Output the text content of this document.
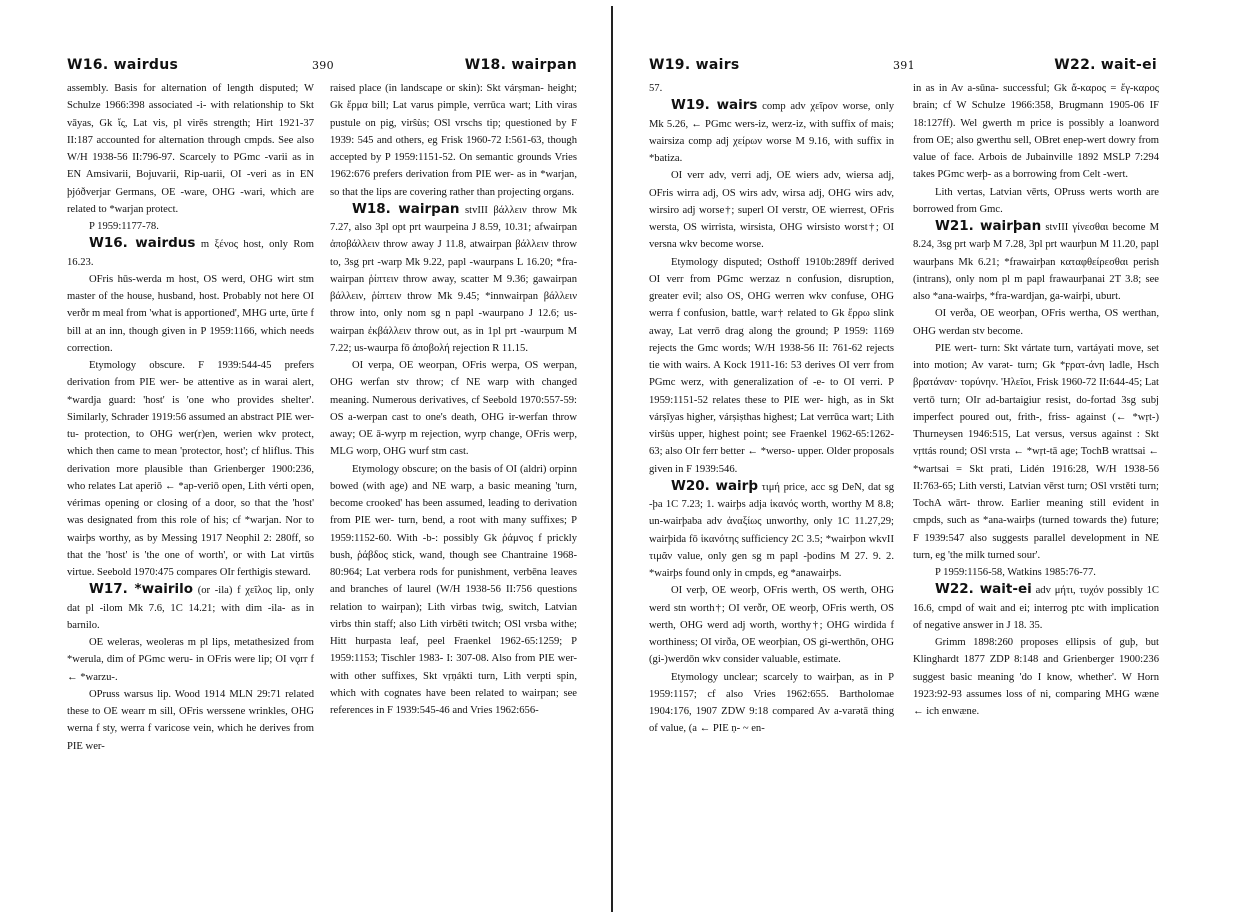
W16. wairdus	390	W18. wairpan

assembly. Basis for alternation of length disputed; W Schulze 1966:398 associated -i- with relationship to Skt vāyas, Gk ἴς, Lat vis, pl virēs strength; Hirt 1921-37 II:187 accounted for alternation through cmpds. See also W/H 1938-56 II:796-97. Scarcely to PGmc -varii as in EN Amsivarii, Bojuvarii, Rip-uarii, OI -veri as in EN þjóðverjar Germans, OE -ware, OHG -wari, which are related to *warjan protect.

P 1959:1177-78.

W16. wairdus m ξένος host, only Rom 16.23.

OFris hūs-werda m host, OS werd, OHG wirt stm master of the house, husband, host. Probably not here OI verðr m meal from 'what is apportioned', MHG urte, ürte f bill at an inn, though given in P 1959:1166, which needs correction.

Etymology obscure. F 1939:544-45 prefers derivation from PIE wer- be attentive as in warai alert, *wardja guard: 'host' is 'one who provides shelter'. Similarly, Schrader 1919:56 assumed an abstract PIE wer-tu- protection, to OHG wer(r)en, werien wkv protect, which then came to mean 'protector, host'; cf hliflus. This derivation more plausible than Grienberger 1900:236, who relates Lat aperiō ← *ap-veriō open, Lith vérti open, vérimas opening or closing of a door, so that the 'host' was designated from this role of his; cf *warjan. Nor to wairþs worthy, as by Messing 1917 Neophil 2: 280ff, so that the 'host' is 'the one of worth', or with Lat virtūs virtue. Seebold 1970:475 compares OIr ferthigis steward.

W17. *wairilo (or -ila) f χεῖλος lip, only dat pl -ilom Mk 7.6, 1C 14.21; with dim -ila- as in barnilo.

OE weleras, weoleras m pl lips, metathesized from *werula, dim of PGmc weru- in OFris were lip; OI vǫrr f ← *warzu-.

OPruss warsus lip. Wood 1914 MLN 29:71 related these to OE wearr m sill, OFris werssene wrinkles, OHG werna f sty, werra f varicose vein, which he derives from PIE wer-

raised place (in landscape or skin): Skt várṣman- height; Gk ἕρμα bill; Lat varus pimple, verrūca wart; Lith viras pustule on pig, virŝùs; OSl vrschs tip; questioned by F 1939: 545 and others, eg Frisk 1960-72 I:561-63, though accepted by P 1959:1151-52. On semantic grounds Vries 1962:676 prefers derivation from PIE wer- as in *warjan, so that the lips are covering rather than projecting organs.

W18. wairpan stvIII βάλλειν throw Mk 7.27, also 3pl opt prt waurpeina J 8.59, 10.31; afwairpan ἀποβάλλειν throw away J 11.8, atwairpan βάλλειν throw to, 3sg prt -warp Mk 9.22, papl -waurpans L 16.20; *fra-wairpan ῥίπτειν throw away, scatter M 9.36; gawairpan βάλλειν, ῥίπτειν throw Mk 9.45; *innwairpan βάλλειν throw into, only nom sg n papl -waurpano J 12.6; us-wairpan ἐκβάλλειν throw out, as in 1pl prt -waurpum M 7.22; us-waurpa fō ἀποβολή rejection R 11.15.

OI verpa, OE weorpan, OFris werpa, OS werpan, OHG werfan stv throw; cf NE warp with changed meaning. Numerous derivatives, cf Seebold 1970:557-59: OS a-werpan cast to one's death, OHG ir-werfan throw away; OE ā-wyrp m rejection, wyrp change, OFris werp, MLG worp, OHG wurf stm cast.

Etymology obscure; on the basis of OI (aldri) orpinn bowed (with age) and NE warp, a basic meaning 'turn, become crooked' has been assumed, leading to derivation from PIE wer- turn, bend, a root with many suffixes; P 1959:1152-60. With -b-: possibly Gk ῥάμνος f prickly bush, ῥάβδος stick, wand, though see Chantraine 1968-80:964; Lat verbera rods for punishment, verbēna leaves and branches of laurel (W/H 1938-56 II:756 questions relation to wairpan); Lith vìrbas twig, switch, Latvian vìrbs thin staff; also Lith virbēti twitch; OSl vrsba withe; Hitt hurpasta leaf, peel Fraenkel 1962-65:1259; P 1959:1153; Tischler 1983- I: 307-08. Also from PIE wer- with other suffixes, Skt vṛṇákti turn, Lith verpti spin, which with cognates have been related to wairpan; see references in F 1939:545-46 and Vries 1962:656-

W19. wairs	391	W22. wait-ei

57.

W19. wairs comp adv χεῖρον worse, only Mk 5.26, ← PGmc wers-iz, werz-iz, with suffix of mais; wairsiza comp adj χείρων worse M 9.16, with suffix in *batiza.

OI verr adv, verri adj, OE wiers adv, wiersa adj, OFris wirra adj, OS wirs adv, wirsa adj, OHG wirs adv, wirsiro adj worse†; superl OI verstr, OE wierrest, OFris wersta, OS wirrista, wirsista, OHG wirsisto worst†; OI versna wkv become worse.

Etymology disputed; Osthoff 1910b:289ff derived OI verr from PGmc werzaz n confusion, disruption, greater evil; also OS, OHG werren wkv confuse, OHG werra f confusion, battle, war† related to Gk ἔρρω slink away, Lat verrō drag along the ground; P 1959: 1169 rejects the Gmc words; W/H 1938-56 II: 761-62 rejects tie with wairs. A Kock 1911-16: 53 derives OI verr from PGmc werz, with generalization of -e- to OI verri. P 1959:1151-52 relates these to PIE wer- high, as in Skt várṣīyas higher, várṣiṣthas highest; Lat verrūca wart; Lith viršùs upper, highest point; see Fraenkel 1962-65:1262-63; also OIr ferr better ← *werso- upper. Older proposals given in F 1939:546.

W20. wairþ τιμή price, acc sg DeN, dat sg -þa 1C 7.23; 1. wairþs adja ἱκανός worth, worthy M 8.8; un-wairþaba adv ἀναξίως unworthy, only 1C 11.27,29; wairþida fō ἱκανότης sufficiency 2C 3.5; *wairþon wkvII τιμᾶν value, only gen sg m papl -þodins M 27. 9. 2. *wairþs found only in cmpds, eg *anawairþs.

OI verþ, OE weorþ, OFris werth, OS werth, OHG werd stn worth†; OI verðr, OE weorþ, OFris werth, OS werth, OHG werd adj worth, worthy†; OHG wirdida f worthiness; OI virða, OE weorþian, OS gi-werthōn, OHG (gi-)werdōn wkv consider valuable, estimate.

Etymology unclear; scarcely to wairþan, as in P 1959:1157; cf also Vries 1962:655. Bartholomae 1904:176, 1907 ZDW 9:18 compared Av a-varətā thing of value, (a ← PIE ṇ- ~ en-

in as in Av a-sūna- successful; Gk ἄ-καρος = ἔγ-καρος brain; cf W Schulze 1966:358, Brugmann 1905-06 IF 18:127ff). Wel gwerth m price is possibly a loanword from OE; also gwerthu sell, OBret enep-wert dowry from value of face. Arbois de Jubainville 1892 MSLP 7:294 takes PGmc werþ- as a borrowing from Celt -wert.

Lith vertas, Latvian vērts, OPruss werts worth are borrowed from Gmc.

W21. wairþan stvIII γίνεσθαι become M 8.24, 3sg prt warþ M 7.28, 3pl prt waurþun M 11.20, papl waurþans Mk 6.21; *frawairþan καταφθείρεσθαι perish (intrans), only nom pl m papl frawaurþanai 2T 3.8; see also *ana-wairþs, *fra-wardjan, ga-wairþi, uburt.

OI verða, OE weorþan, OFris wertha, OS werthan, OHG werdan stv become.

PIE wert- turn: Skt vártate turn, vartáyati move, set into motion; Av varət- turn; Gk *ϝρατ-άνη ladle, Hsch βρατάναν· τορύνην. 'Ηλεῖοι, Frisk 1960-72 II:644-45; Lat vertō turn; OIr ad-bartaigiur resist, do-fortad 3sg subj imperfect poured out, frith-, friss- against (← *wṛt-) Thurneysen 1946:515, Lat versus, versus against : Skt vṛttás round; OSl vrsta ← *wṛt-tā age; TochB wrattsai ← *wartsai = Skt prati, Lidén 1916:28, W/H 1938-56 II:763-65; Lith versti, Latvian vērst turn; OSl vrstěti turn; TochA wārt- throw. Earlier meaning still evident in cmpds, such as *ana-wairþs (turned towards the) future; F 1939:547 also suggests parallel development in NE turn, eg 'the milk turned sour'.

P 1959:1156-58, Watkins 1985:76-77.

W22. wait-ei adv μήτι, τυχόν possibly 1C 16.6, cmpd of wait and ei; interrog ptc with implication of negative answer in J 18. 35.

Grimm 1898:260 proposes ellipsis of guþ, but Klinghardt 1877 ZDP 8:148 and Grienberger 1900:236 suggest basic meaning 'do I know, whether'. W Horn 1923:92-93 assumes loss of ni, comparing MHG wæne ← ich enwæne.
